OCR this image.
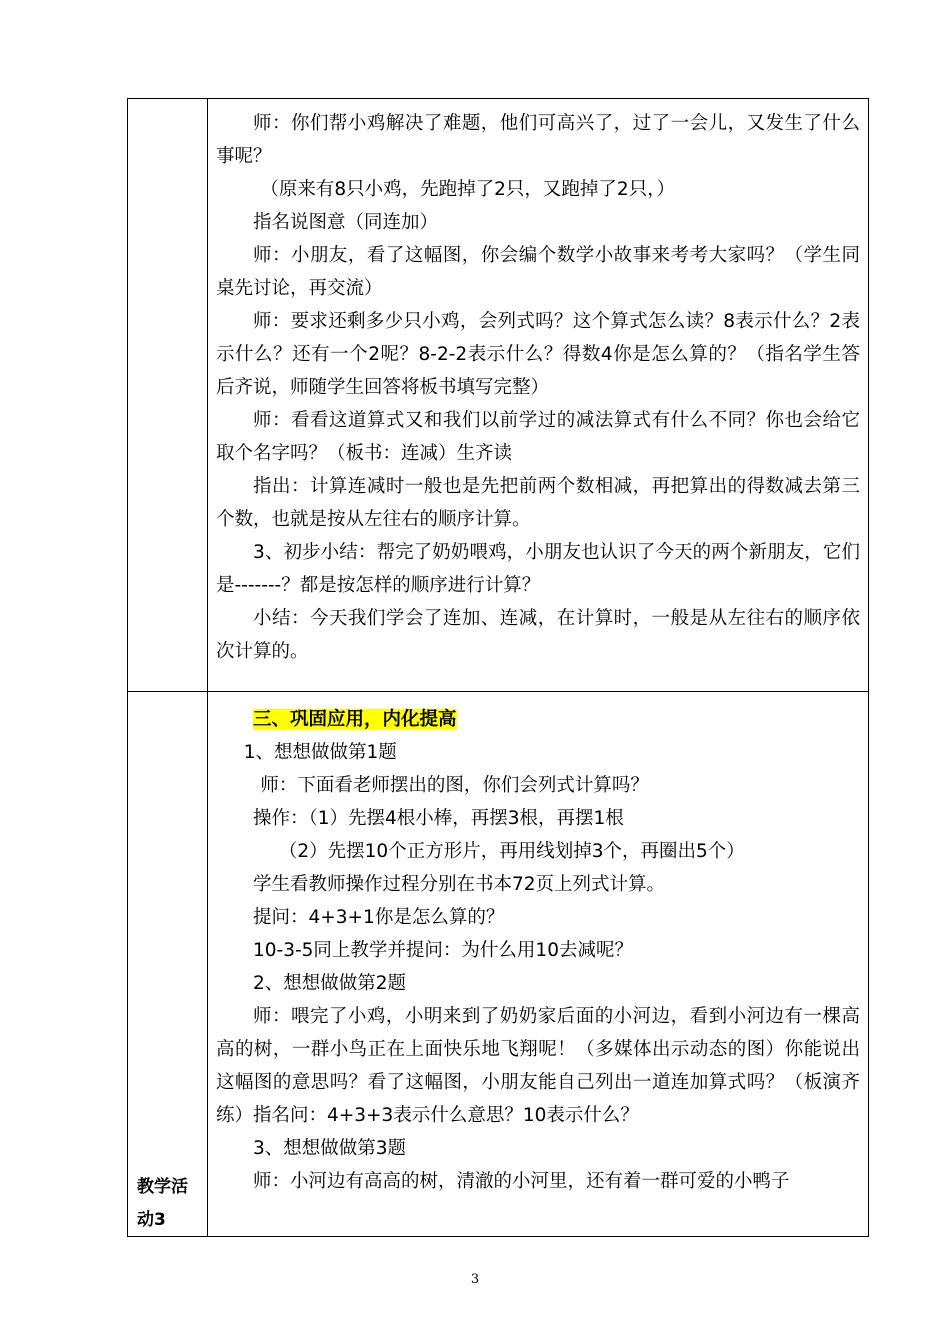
师：你们帮小鸡解决了难题，他们可高兴了，过了一会儿，又发生了什么事呢？

（原来有8只小鸡，先跑掉了2只，又跑掉了2只，）

指名说图意（同连加）

师：小朋友，看了这幅图，你会编个数学小故事来考考大家吗？（学生同桌先讨论，再交流）

师：要求还剩多少只小鸡，会列式吗？这个算式怎么读？8表示什么？2表示什么？还有一个2呢？8-2-2表示什么？得数4你是怎么算的？（指名学生答后齐说，师随学生回答将板书填写完整）

师：看看这道算式又和我们以前学过的减法算式有什么不同？你也会给它取个名字吗？（板书：连减）生齐读

指出：计算连减时一般也是先把前两个数相减，再把算出的得数减去第三个数，也就是按从左往右的顺序计算。

3、初步小结：帮完了奶奶喂鸡，小朋友也认识了今天的两个新朋友，它们是-------？都是按怎样的顺序进行计算？

小结：今天我们学会了连加、连减，在计算时，一般是从左往右的顺序依次计算的。

教学活
动3

三、巩固应用，内化提高

1、想想做做第1题

师：下面看老师摆出的图，你们会列式计算吗？

操作：（1）先摆4根小棒，再摆3根，再摆1根

（2）先摆10个正方形片，再用线划掉3个，再圈出5个）

学生看教师操作过程分别在书本72页上列式计算。

提问：4+3+1你是怎么算的？

10-3-5同上教学并提问：为什么用10去减呢？

2、想想做做第2题

师：喂完了小鸡，小明来到了奶奶家后面的小河边，看到小河边有一棵高高的树，一群小鸟正在上面快乐地飞翔呢！（多媒体出示动态的图）你能说出这幅图的意思吗？看了这幅图，小朋友能自己列出一道连加算式吗？（板演齐练）指名问：4+3+3表示什么意思？10表示什么？

3、想想做做第3题

师：小河边有高高的树，清澈的小河里，还有着一群可爱的小鸭子

3
